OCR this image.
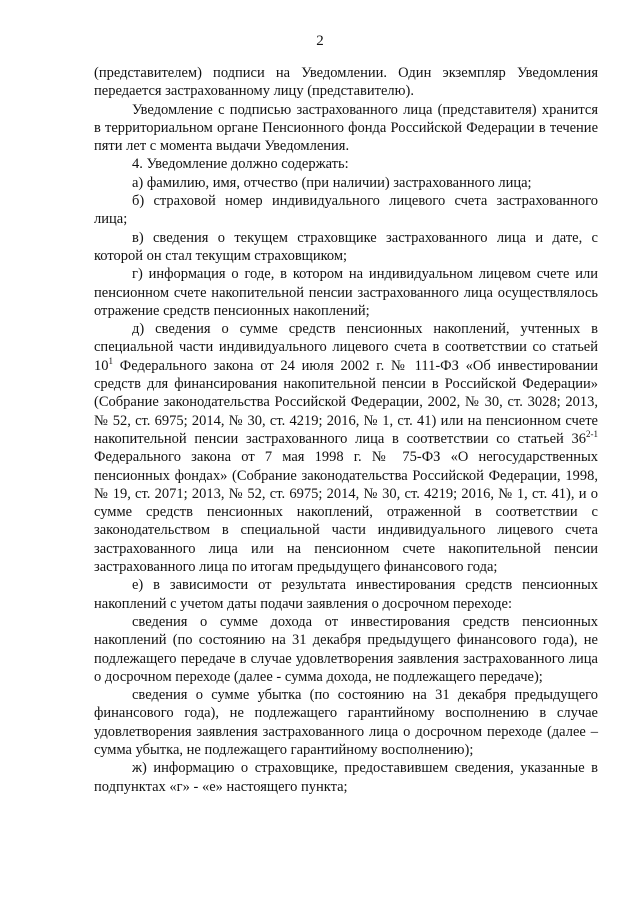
2

(представителем) подписи на Уведомлении. Один экземпляр Уведомления передается застрахованному лицу (представителю).

Уведомление с подписью застрахованного лица (представителя) хранится в территориальном органе Пенсионного фонда Российской Федерации в течение пяти лет с момента выдачи Уведомления.

4. Уведомление должно содержать:

а) фамилию, имя, отчество (при наличии) застрахованного лица;

б) страховой номер индивидуального лицевого счета застрахованного лица;

в) сведения о текущем страховщике застрахованного лица и дате, с которой он стал текущим страховщиком;

г) информация о годе, в котором на индивидуальном лицевом счете или пенсионном счете накопительной пенсии застрахованного лица осуществлялось отражение средств пенсионных накоплений;

д) сведения о сумме средств пенсионных накоплений, учтенных в специальной части индивидуального лицевого счета в соответствии со статьей $10^1$ Федерального закона от 24 июля 2002 г. № 111-ФЗ «Об инвестировании средств для финансирования накопительной пенсии в Российской Федерации» (Собрание законодательства Российской Федерации, 2002, № 30, ст. 3028; 2013, № 52, ст. 6975; 2014, № 30, ст. 4219; 2016, № 1, ст. 41) или на пенсионном счете накопительной пенсии застрахованного лица в соответствии со статьей 36$^{2-1}$ Федерального закона от 7 мая 1998 г. № 75-ФЗ «О негосударственных пенсионных фондах» (Собрание законодательства Российской Федерации, 1998, № 19, ст. 2071; 2013, № 52, ст. 6975; 2014, № 30, ст. 4219; 2016, № 1, ст. 41), и о сумме средств пенсионных накоплений, отраженной в соответствии с законодательством в специальной части индивидуального лицевого счета застрахованного лица или на пенсионном счете накопительной пенсии застрахованного лица по итогам предыдущего финансового года;

е) в зависимости от результата инвестирования средств пенсионных накоплений с учетом даты подачи заявления о досрочном переходе:

сведения о сумме дохода от инвестирования средств пенсионных накоплений (по состоянию на 31 декабря предыдущего финансового года), не подлежащего передаче в случае удовлетворения заявления застрахованного лица о досрочном переходе (далее - сумма дохода, не подлежащего передаче);

сведения о сумме убытка (по состоянию на 31 декабря предыдущего финансового года), не подлежащего гарантийному восполнению в случае удовлетворения заявления застрахованного лица о досрочном переходе (далее – сумма убытка, не подлежащего гарантийному восполнению);

ж) информацию о страховщике, предоставившем сведения, указанные в подпунктах «г» - «е» настоящего пункта;
